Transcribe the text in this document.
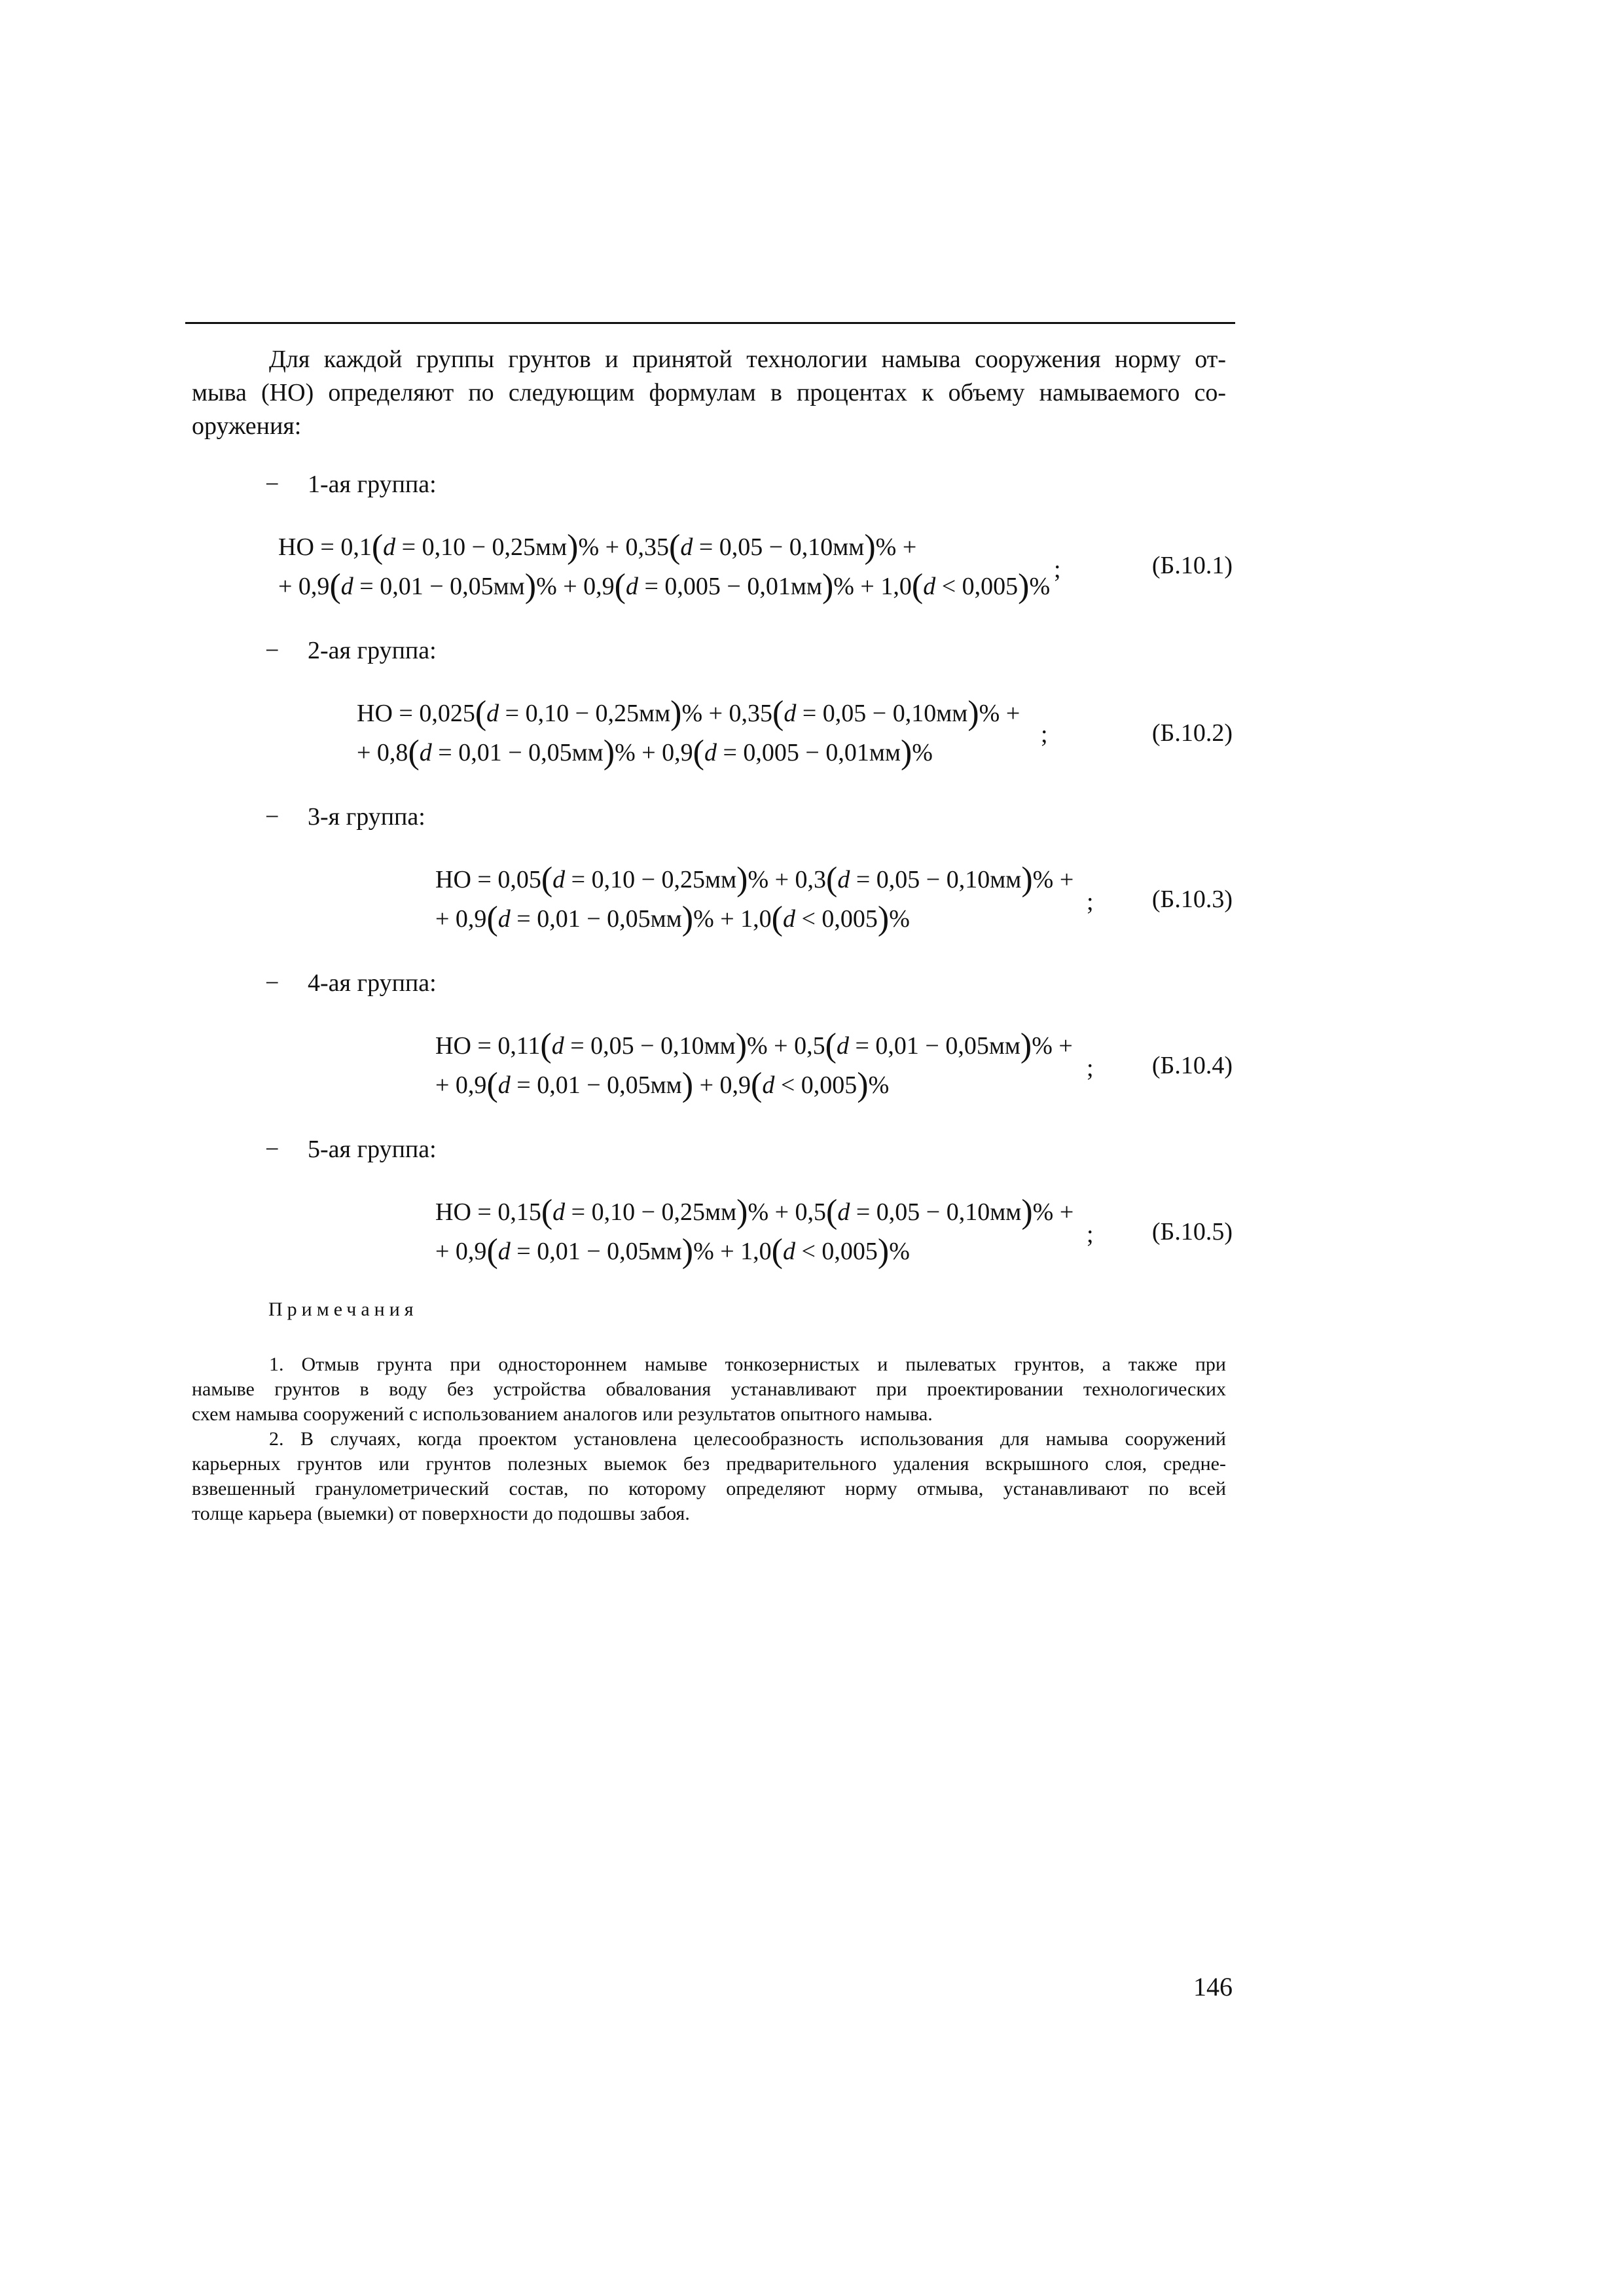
Для каждой группы грунтов и принятой технологии намыва сооружения норму от-
мыва (НО) определяют по следующим формулам в процентах к объему намываемого со-
оружения:
− 1-ая группа:
НО = 0,1(d = 0,10 − 0,25мм)% + 0,35(d = 0,05 − 0,10мм)% +
+ 0,9(d = 0,01 − 0,05мм)% + 0,9(d = 0,005 − 0,01мм)% + 1,0(d < 0,005)%
;	(Б.10.1)
− 2-ая группа:
НО = 0,025(d = 0,10 − 0,25мм)% + 0,35(d = 0,05 − 0,10мм)% +
+ 0,8(d = 0,01 − 0,05мм)% + 0,9(d = 0,005 − 0,01мм)%
;	(Б.10.2)
− 3-я группа:
НО = 0,05(d = 0,10 − 0,25мм)% + 0,3(d = 0,05 − 0,10мм)% +
+ 0,9(d = 0,01 − 0,05мм)% + 1,0(d < 0,005)%
; (Б.10.3)
− 4-ая группа:
НО = 0,11(d = 0,05 − 0,10мм)% + 0,5(d = 0,01 − 0,05мм)% +
+ 0,9(d = 0,01 − 0,05мм) + 0,9(d < 0,005)%
; (Б.10.4)
− 5-ая группа:
НО = 0,15(d = 0,10 − 0,25мм)% + 0,5(d = 0,05 − 0,10мм)% +
+ 0,9(d = 0,01 − 0,05мм)% + 1,0(d < 0,005)%
; (Б.10.5)
Примечания
1. Отмыв грунта при одностороннем намыве тонкозернистых и пылеватых грунтов, а также при
намыве грунтов в воду без устройства обвалования устанавливают при проектировании технологических
схем намыва сооружений с использованием аналогов или результатов опытного намыва.
2. В случаях, когда проектом установлена целесообразность использования для намыва сооружений
карьерных грунтов или грунтов полезных выемок без предварительного удаления вскрышного слоя, средне-
взвешенный гранулометрический состав, по которому определяют норму отмыва, устанавливают по всей
толще карьера (выемки) от поверхности до подошвы забоя.
146
